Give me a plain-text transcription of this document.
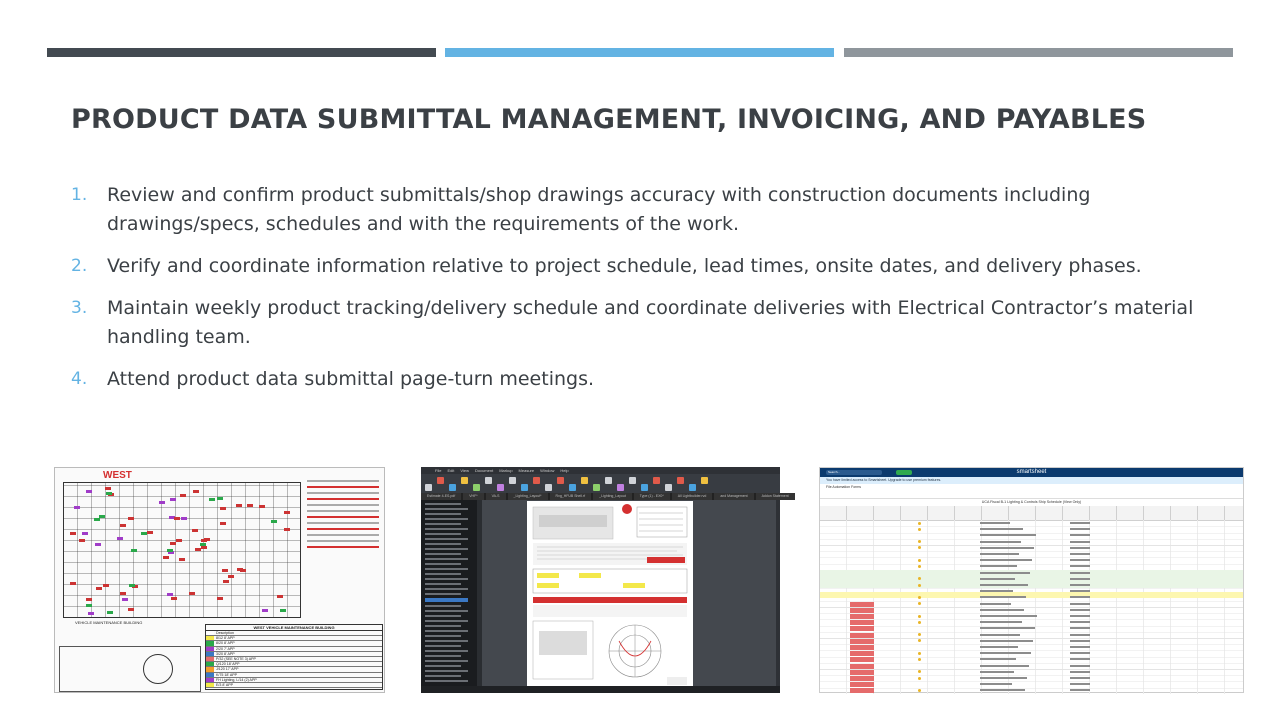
PRODUCT DATA SUBMITTAL MANAGEMENT, INVOICING, AND PAYABLES
1. Review and confirm product submittals/shop drawings accuracy with construction documents including drawings/specs, schedules and with the requirements of the work.
2. Verify and coordinate information relative to project schedule, lead times, onsite dates, and delivery phases.
3. Maintain weekly product tracking/delivery schedule and coordinate deliveries with Electrical Contractor’s material handling team.
4. Attend product data submittal page-turn meetings.
WEST
VEHICLE MAINTENANCE BUILDING
WEST VEHICLE MAINTENANCE BUILDING
Description
8/12 8' APP
8/20 8' APP
2/20 7' APP
3/20 8' APP
P/32 (SEE NOTE 3) APP
Q/120 18' APP
J/120 17' APP
K/75 18' APP
FH Lighting, L/14 (2) APP
E/3 8' APP
File Edit View Document Markup Measure Window Help
Estimate 4-ES.pdf	VHF*	VA-S	_Lighting_Layout*	Rvg_HFUB Shell.rf	_Lighting_Layout	Type (1) - EX0*	All Lightbuilder.rvd	and Management	Addon Statement
Search...	smartsheet
You have limited access to Smartsheet. Upgrade to use premium features.
File Automation Forms
UCA Fiscal B-1 Lighting & Controls Ship Schedule (View Only)
